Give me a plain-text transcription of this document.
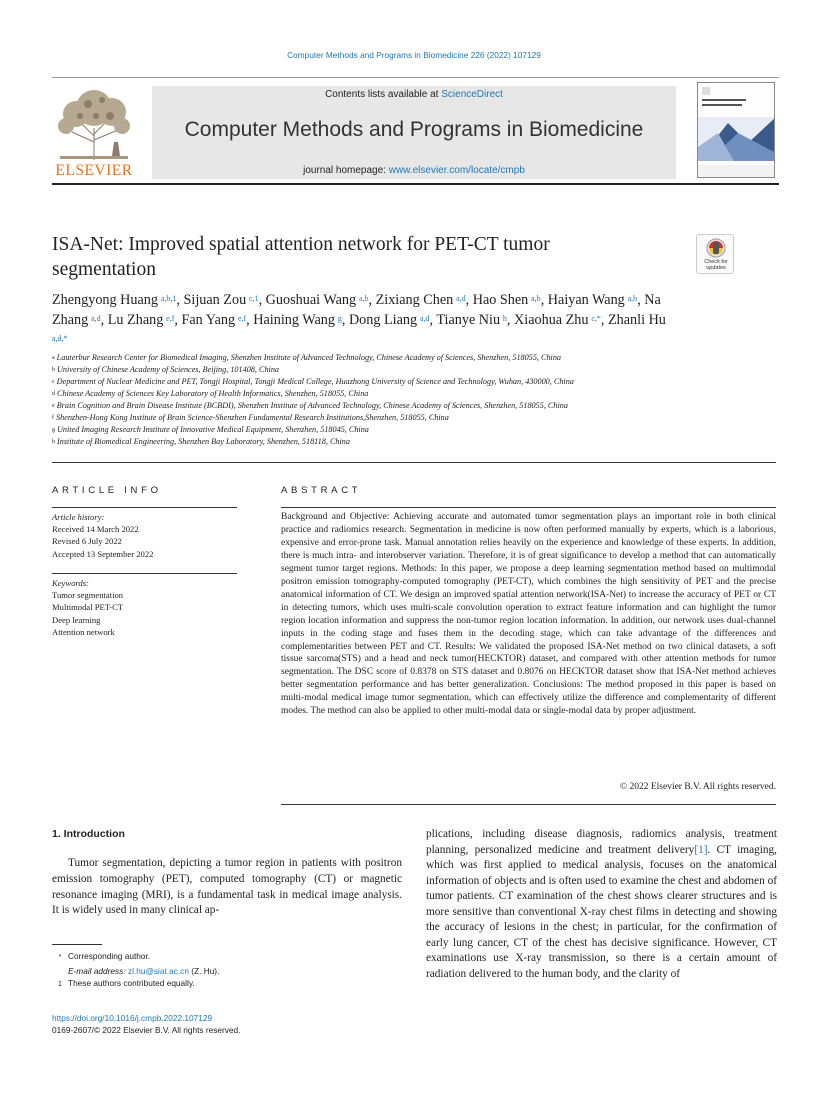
Computer Methods and Programs in Biomedicine 226 (2022) 107129
ELSEVIER
Contents lists available at ScienceDirect
Computer Methods and Programs in Biomedicine
journal homepage: www.elsevier.com/locate/cmpb
ISA-Net: Improved spatial attention network for PET-CT tumor segmentation	Check for
updates
Zhengyong Huang  $^{a,b,1}$, Sijuan Zou  $^{c,1}$, Guoshuai Wang  $^{a,b}$, Zixiang Chen  $^{a,d}$, Hao Shen  $^{a,b}$, Haiyan Wang  $^{a,b}$, Na Zhang  $^{a,d}$, Lu Zhang  $^{e,f}$, Fan Yang  $^{e,f}$, Haining Wang  $^g$, Dong Liang  $^{a,d}$, Tianye Niu  $^h$, Xiaohua Zhu  $^{c,*}$, Zhanli Hu $^{a,d,*}$
$^a$ Lauterbur Research Center for Biomedical Imaging, Shenzhen Institute of Advanced Technology, Chinese Academy of Sciences, Shenzhen, 518055, China
$^b$ University of Chinese Academy of Sciences, Beijing, 101408, China
$^c$ Department of Nuclear Medicine and PET, Tongji Hospital, Tongji Medical College, Huazhong University of Science and Technology, Wuhan, 430000, China
$^d$ Chinese Academy of Sciences Key Laboratory of Health Informatics, Shenzhen, 518055, China
$^e$ Brain Cognition and Brain Disease Institute (BCBDI), Shenzhen Institute of Advanced Technology, Chinese Academy of Sciences, Shenzhen, 518055, China
$^f$ Shenzhen-Hong Kong Institute of Brain Science-Shenzhen Fundamental Research Institutions,Shenzhen, 518055, China
$^g$ United Imaging Research Institute of Innovative Medical Equipment, Shenzhen, 518045, China
$^h$ Institute of Biomedical Engineering, Shenzhen Bay Laboratory, Shenzhen, 518118, China
ARTICLE INFO	ABSTRACT
Article history:
Received 14 March 2022
Revised 6 July 2022
Accepted 13 September 2022
Keywords:
Tumor segmentation
Multimodal PET-CT
Deep learning
Attention network
Background and Objective: Achieving accurate and automated tumor segmentation plays an important role in both clinical practice and radiomics research. Segmentation in medicine is now often performed manually by experts, which is a laborious, expensive and error-prone task. Manual annotation relies heavily on the experience and knowledge of these experts. In addition, there is much intra- and interobserver variation. Therefore, it is of great significance to develop a method that can automatically segment tumor target regions. Methods: In this paper, we propose a deep learning segmentation method based on multimodal positron emission tomography-computed tomography (PET-CT), which combines the high sensitivity of PET and the precise anatomical information of CT. We design an improved spatial attention network(ISA-Net) to increase the accuracy of PET or CT in detecting tumors, which uses multi-scale convolution operation to extract feature information and can highlight the tumor region location information and suppress the non-tumor region location information. In addition, our network uses dual-channel inputs in the coding stage and fuses them in the decoding stage, which can take advantage of the differences and complementarities between PET and CT. Results: We validated the proposed ISA-Net method on two clinical datasets, a soft tissue sarcoma(STS) and a head and neck tumor(HECKTOR) dataset, and compared with other attention methods for tumor segmentation. The DSC score of 0.8378 on STS dataset and 0.8076 on HECKTOR dataset show that ISA-Net method achieves better segmentation performance and has better generalization. Conclusions: The method proposed in this paper is based on multi-modal medical image tumor segmentation, which can effectively utilize the difference and complementarity of different modes. The method can also be applied to other multi-modal data or single-modal data by proper adjustment.
© 2022 Elsevier B.V. All rights reserved.
1. Introduction
Tumor segmentation, depicting a tumor region in patients with positron emission tomography (PET), computed tomography (CT) or magnetic resonance imaging (MRI), is a fundamental task in medical image analysis. It is widely used in many clinical ap-
plications, including disease diagnosis, radiomics analysis, treatment planning, personalized medicine and treatment delivery[1]. CT imaging, which was first applied to medical analysis, focuses on the anatomical information of objects and is often used to examine the chest and abdomen of tumor patients. CT examination of the chest shows clearer structures and is more sensitive than conventional X-ray chest films in detecting and showing the accuracy of lesions in the chest; in particular, for the confirmation of early lung cancer, CT of the chest has decisive significance. However, CT examinations use X-ray transmission, so there is a certain amount of radiation delivered to the human body, and the clarity of
* Corresponding author.
E-mail address: zl.hu@siat.ac.cn (Z. Hu).
1 These authors contributed equally.
https://doi.org/10.1016/j.cmpb.2022.107129
0169-2607/© 2022 Elsevier B.V. All rights reserved.
